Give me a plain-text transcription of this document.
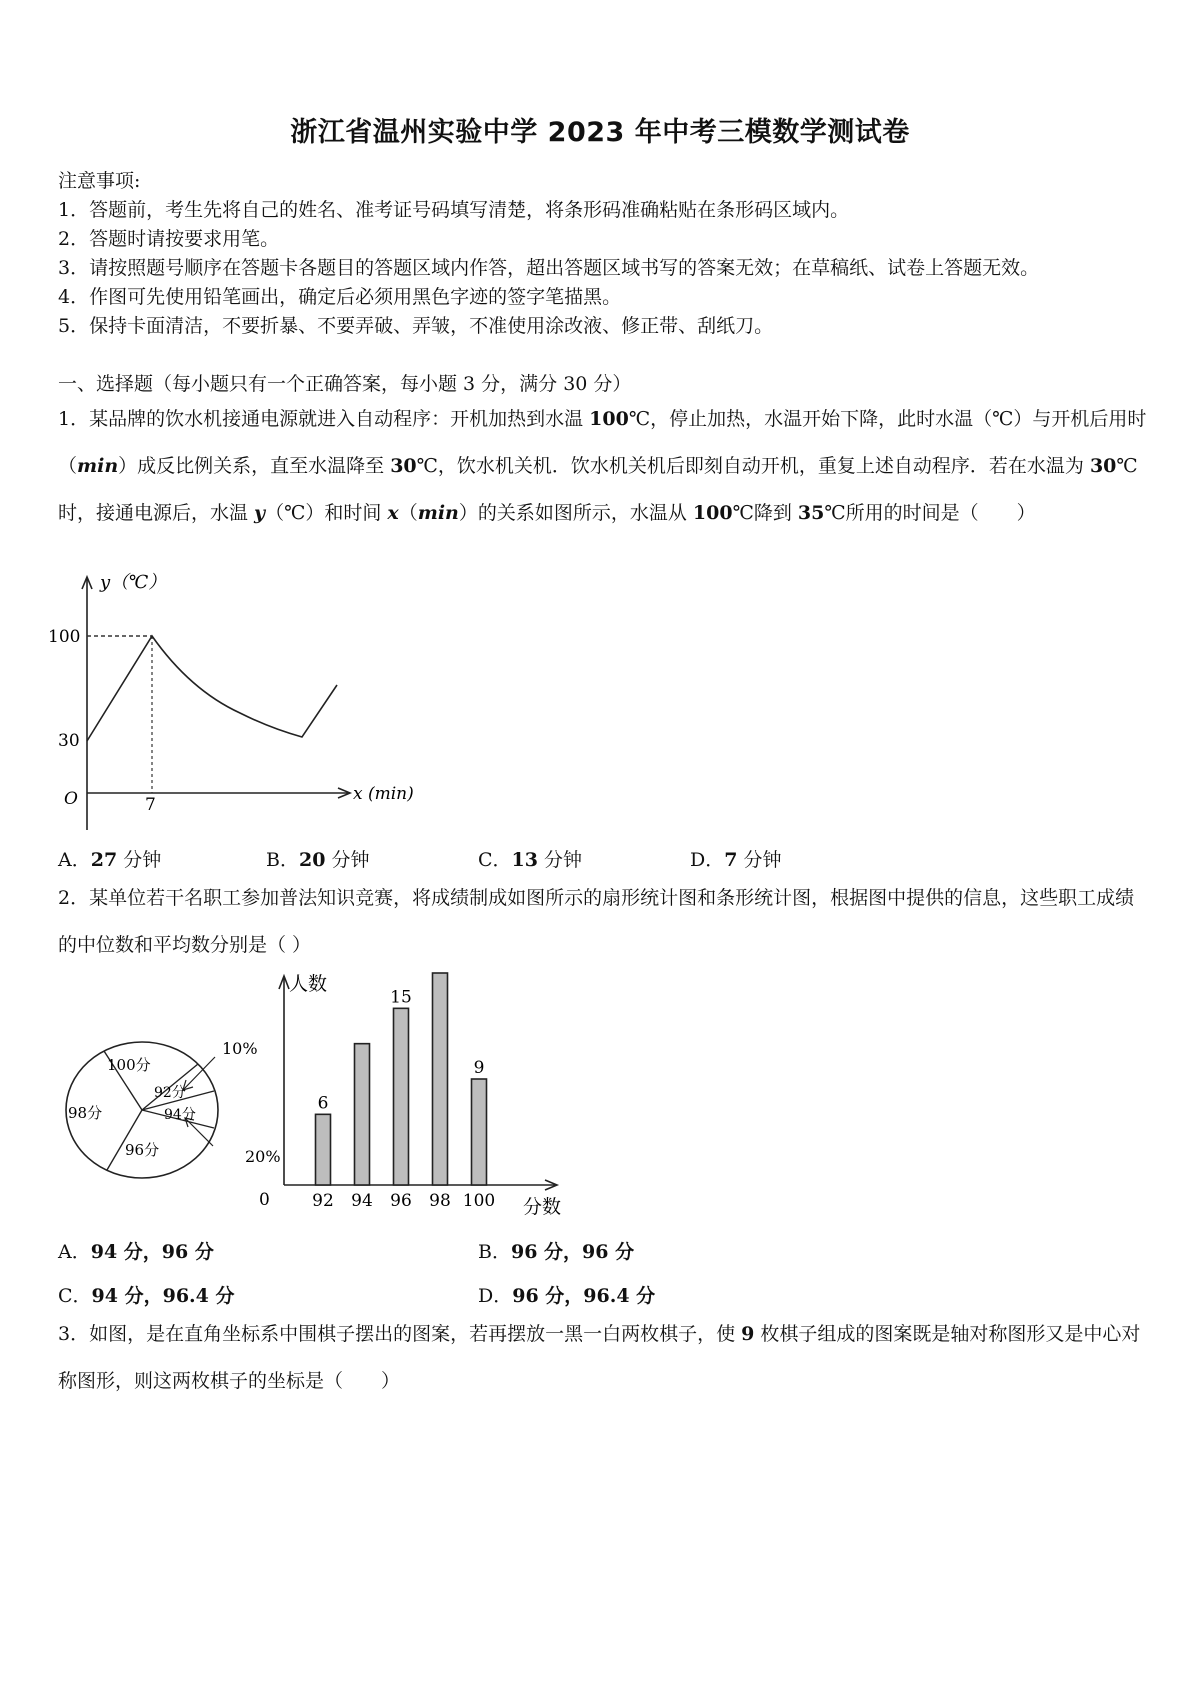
浙江省温州实验中学 2023 年中考三模数学测试卷
注意事项:
1．答题前，考生先将自己的姓名、准考证号码填写清楚，将条形码准确粘贴在条形码区域内。
2．答题时请按要求用笔。
3．请按照题号顺序在答题卡各题目的答题区域内作答，超出答题区域书写的答案无效；在草稿纸、试卷上答题无效。
4．作图可先使用铅笔画出，确定后必须用黑色字迹的签字笔描黑。
5．保持卡面清洁，不要折暴、不要弄破、弄皱，不准使用涂改液、修正带、刮纸刀。
一、选择题（每小题只有一个正确答案，每小题 3 分，满分 30 分）
1．某品牌的饮水机接通电源就进入自动程序：开机加热到水温 100℃，停止加热，水温开始下降，此时水温（℃）与开机后用时（min）成反比例关系，直至水温降至 30℃，饮水机关机．饮水机关机后即刻自动开机，重复上述自动程序．若在水温为 30℃时，接通电源后，水温 y（℃）和时间 x（min）的关系如图所示，水温从 100℃降到 35℃所用的时间是（　　）
y（℃）
x (min)
O
100
30
7
A．27 分钟	B．20 分钟	C．13 分钟	D．7 分钟
2．某单位若干名职工参加普法知识竞赛，将成绩制成如图所示的扇形统计图和条形统计图，根据图中提供的信息，这些职工成绩的中位数和平均数分别是（ ）
100分
92分
94分
96分
98分
10%
20%
人数
分数
0 92
6
94 96
15
98 100
9
A．94 分，96 分	B．96 分，96 分
C．94 分，96.4 分	D．96 分，96.4 分
3．如图，是在直角坐标系中围棋子摆出的图案，若再摆放一黑一白两枚棋子，使 9 枚棋子组成的图案既是轴对称图形又是中心对称图形，则这两枚棋子的坐标是（　　）
